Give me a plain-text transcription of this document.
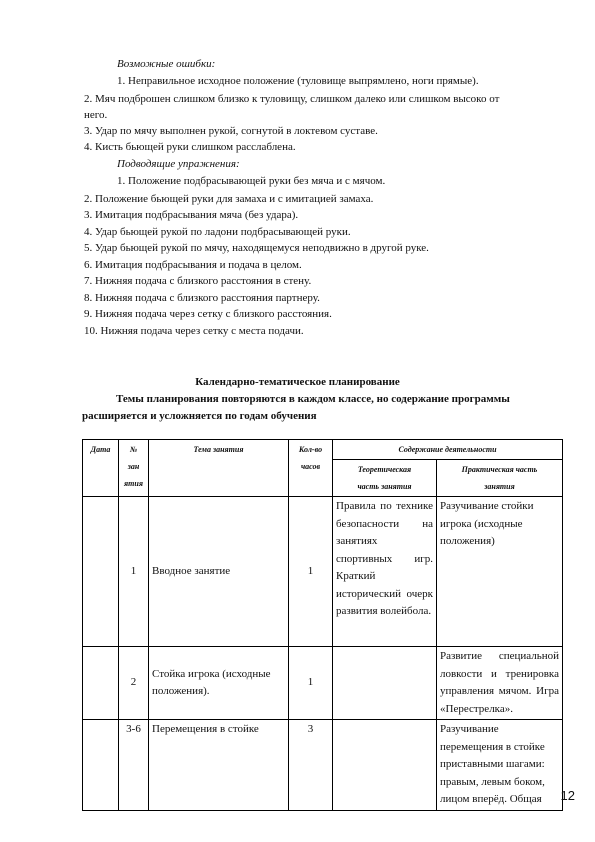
Возможные ошибки:
1. Неправильное исходное положение (туловище выпрямлено, ноги прямые).
2. Мяч подброшен слишком близко к туловищу, слишком далеко или слишком высоко от
него.
3. Удар по мячу выполнен рукой, согнутой в локтевом суставе.
4. Кисть бьющей руки слишком расслаблена.
Подводящие упражнения:
1. Положение подбрасывающей руки без мяча и с мячом.
2. Положение бьющей руки для замаха и с имитацией замаха.
3. Имитация подбрасывания мяча (без удара).
4. Удар бьющей рукой по ладони подбрасывающей руки.
5. Удар бьющей рукой по мячу, находящемуся неподвижно в другой руке.
6. Имитация подбрасывания и подача в целом.
7. Нижняя подача с близкого расстояния в стену.
8. Нижняя подача с близкого расстояния партнеру.
9. Нижняя подача через сетку с близкого расстояния.
10. Нижняя подача через сетку с места подачи.
Календарно-тематическое планирование
Темы планирования повторяются в каждом классе, но содержание программы
расширяется и усложняется по годам обучения
Дата	№
зан
ятия	Тема занятия	Кол-во
часов	Содержание деятельности	
				Теоретическая
часть занятия	Практическая часть
занятия
	1	Вводное занятие	1	Правила по технике безопасности на занятиях спортивных игр. Краткий исторический очерк развития волейбола.	Разучивание стойки игрока (исходные положения)
	2	Стойка игрока (исходные положения).	1		Развитие специальной ловкости и тренировка управления мячом. Игра «Перестрелка».
	3-6	Перемещения в стойке	3		Разучивание перемещения в стойке приставными шагами: правым, левым боком, лицом вперёд. Общая 12
